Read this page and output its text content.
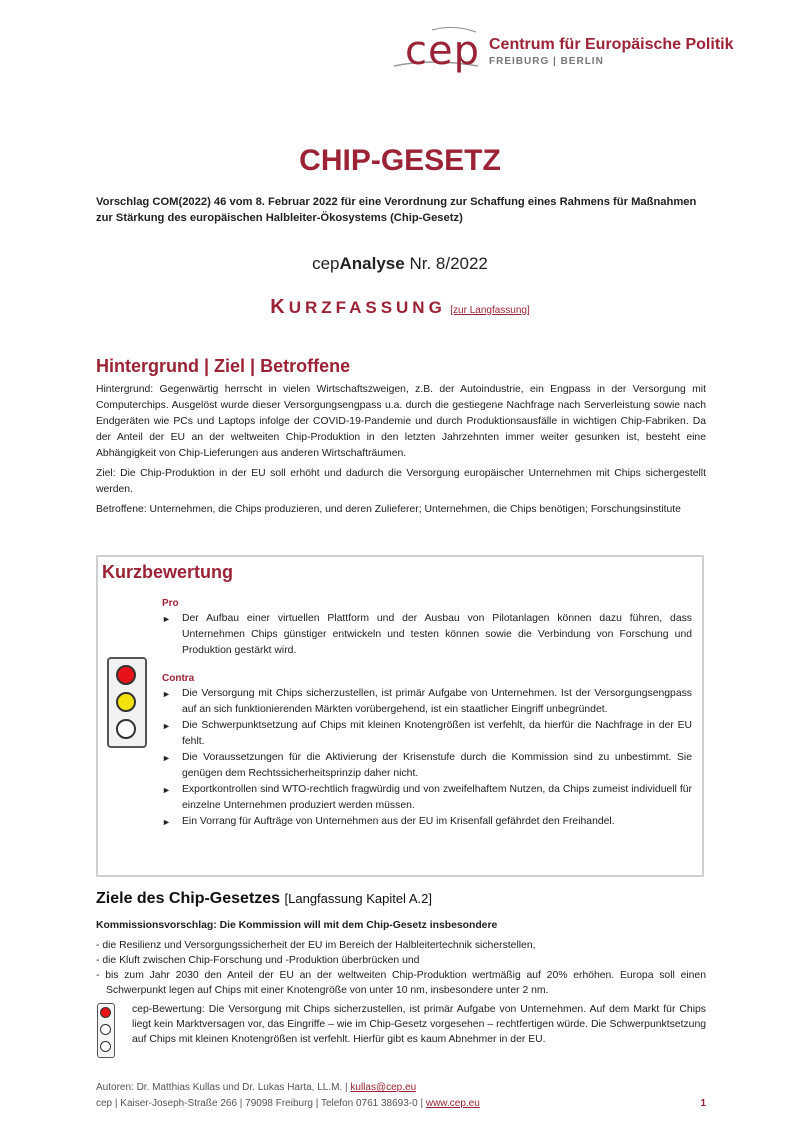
cep Centrum für Europäische Politik
FREIBURG | BERLIN
CHIP-GESETZ
Vorschlag COM(2022) 46 vom 8. Februar 2022 für eine Verordnung zur Schaffung eines Rahmens für Maßnahmen zur Stärkung des europäischen Halbleiter-Ökosystems (Chip-Gesetz)
cepAnalyse Nr. 8/2022
KURZFASSUNG [zur Langfassung]
Hintergrund | Ziel | Betroffene

Hintergrund: Gegenwärtig herrscht in vielen Wirtschaftszweigen, z.B. der Autoindustrie, ein Engpass in der Versorgung mit Computerchips. Ausgelöst wurde dieser Versorgungsengpass u.a. durch die gestiegene Nachfrage nach Serverleistung sowie nach Endgeräten wie PCs und Laptops infolge der COVID-19-Pandemie und durch Produktionsausfälle in wichtigen Chip-Fabriken. Da der Anteil der EU an der weltweiten Chip-Produktion in den letzten Jahrzehnten immer weiter gesunken ist, besteht eine Abhängigkeit von Chip-Lieferungen aus anderen Wirtschafträumen.

Ziel: Die Chip-Produktion in der EU soll erhöht und dadurch die Versorgung europäischer Unternehmen mit Chips sichergestellt werden.

Betroffene: Unternehmen, die Chips produzieren, und deren Zulieferer; Unternehmen, die Chips benötigen; Forschungsinstitute

Kurzbewertung
Pro
► Der Aufbau einer virtuellen Plattform und der Ausbau von Pilotanlagen können dazu führen, dass Unternehmen Chips günstiger entwickeln und testen können sowie die Verbindung von Forschung und Produktion gestärkt wird.
Contra
► Die Versorgung mit Chips sicherzustellen, ist primär Aufgabe von Unternehmen. Ist der Versorgungsengpass auf an sich funktionierenden Märkten vorübergehend, ist ein staatlicher Eingriff unbegründet.
► Die Schwerpunktsetzung auf Chips mit kleinen Knotengrößen ist verfehlt, da hierfür die Nachfrage in der EU fehlt.
► Die Voraussetzungen für die Aktivierung der Krisenstufe durch die Kommission sind zu unbestimmt. Sie genügen dem Rechtssicherheitsprinzip daher nicht.
► Exportkontrollen sind WTO-rechtlich fragwürdig und von zweifelhaftem Nutzen, da Chips zumeist individuell für einzelne Unternehmen produziert werden müssen.
► Ein Vorrang für Aufträge von Unternehmen aus der EU im Krisenfall gefährdet den Freihandel.
Ziele des Chip-Gesetzes [Langfassung Kapitel A.2]

Kommissionsvorschlag: Die Kommission will mit dem Chip-Gesetz insbesondere

- die Resilienz und Versorgungssicherheit der EU im Bereich der Halbleitertechnik sicherstellen,
- die Kluft zwischen Chip-Forschung und -Produktion überbrücken und
- bis zum Jahr 2030 den Anteil der EU an der weltweiten Chip-Produktion wertmäßig auf 20% erhöhen. Europa soll einen Schwerpunkt legen auf Chips mit einer Knotengröße von unter 10 nm, insbesondere unter 2 nm.
cep-Bewertung: Die Versorgung mit Chips sicherzustellen, ist primär Aufgabe von Unternehmen. Auf dem Markt für Chips liegt kein Marktversagen vor, das Eingriffe – wie im Chip-Gesetz vorgesehen – rechtfertigen würde. Die Schwerpunktsetzung auf Chips mit kleinen Knotengrößen ist verfehlt. Hierfür gibt es kaum Abnehmer in der EU.
Autoren: Dr. Matthias Kullas und Dr. Lukas Harta, LL.M. | kullas@cep.eu
cep | Kaiser-Joseph-Straße 266 | 79098 Freiburg | Telefon 0761 38693-0 | www.cep.eu	1
